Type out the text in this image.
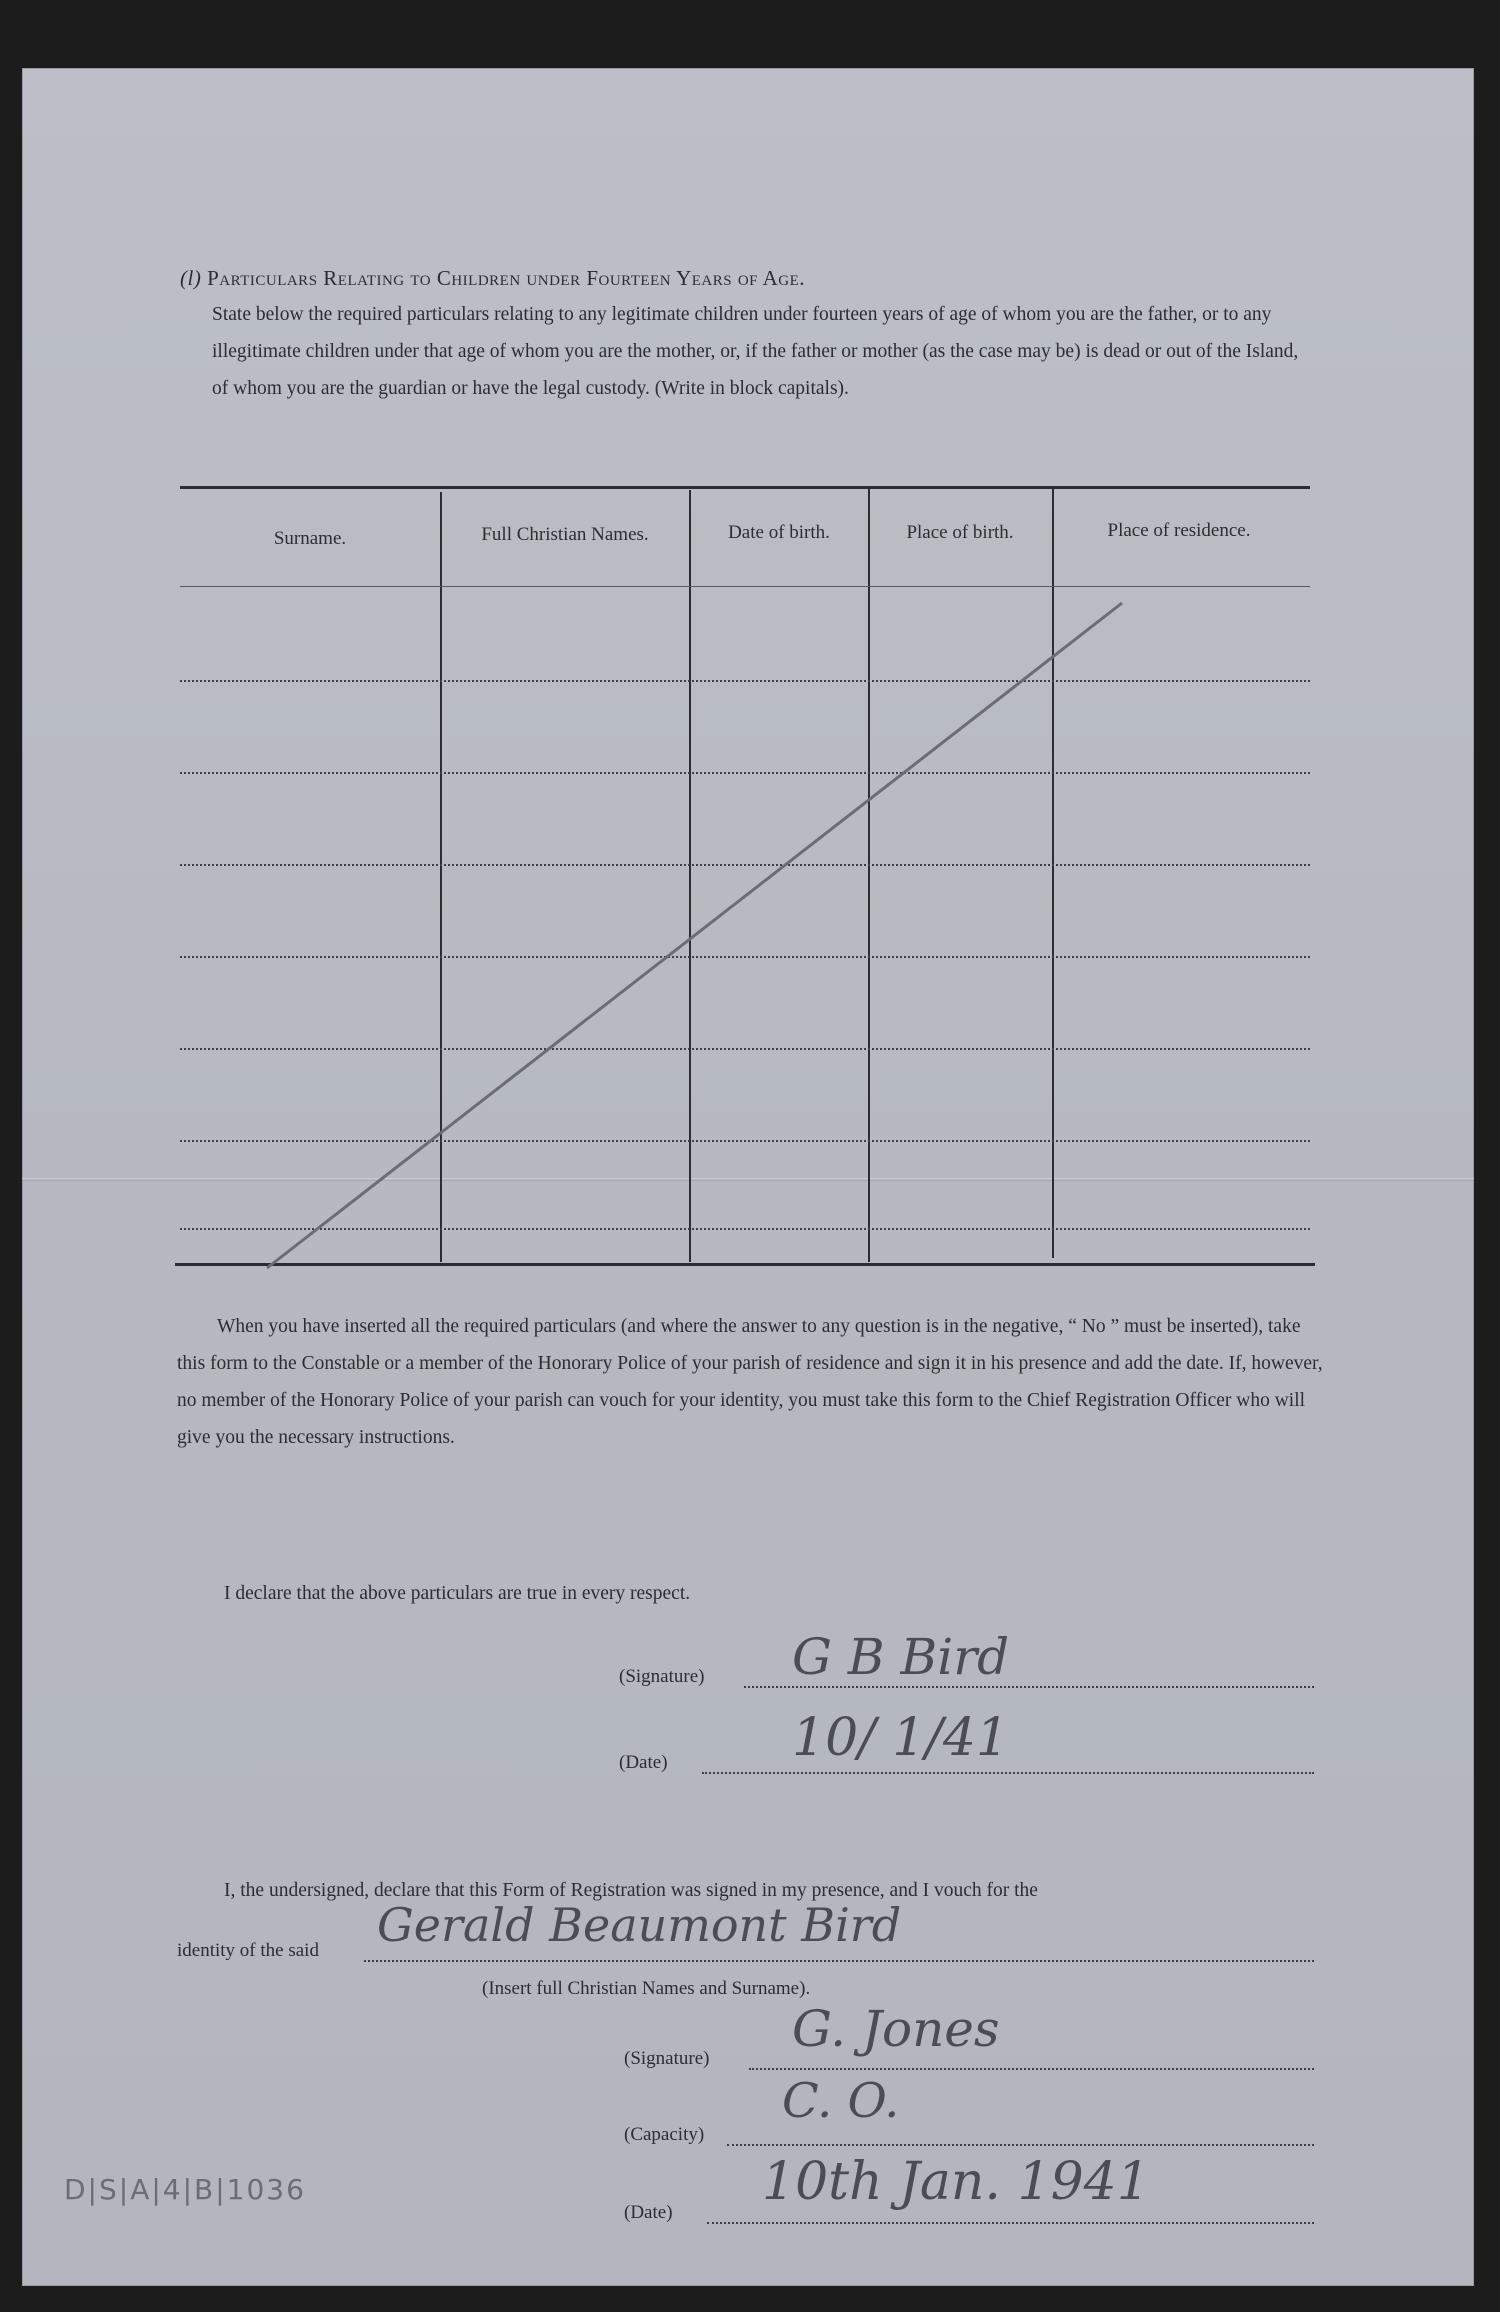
(l) Particulars Relating to Children under Fourteen Years of Age.
State below the required particulars relating to any legitimate children under fourteen years of age of whom you are the father, or to any illegitimate children under that age of whom you are the mother, or, if the father or mother (as the case may be) is dead or out of the Island, of whom you are the guardian or have the legal custody. (Write in block capitals).
Surname.	Full Christian Names.	Date of birth.	Place of birth.	Place of residence.
When you have inserted all the required particulars (and where the answer to any question is in the negative, “ No ” must be inserted), take this form to the Constable or a member of the Honorary Police of your parish of residence and sign it in his presence and add the date. If, however, no member of the Honorary Police of your parish can vouch for your identity, you must take this form to the Chief Registration Officer who will give you the necessary instructions.
I declare that the above particulars are true in every respect.
(Signature) G B Bird
(Date) 10/ 1/41
I, the undersigned, declare that this Form of Registration was signed in my presence, and I vouch for the
identity of the said Gerald Beaumont Bird
(Insert full Christian Names and Surname).
(Signature)
G. Jones
(Capacity)
C. O.
(Date)
10th Jan. 1941
D|S|A|4|B|1036
